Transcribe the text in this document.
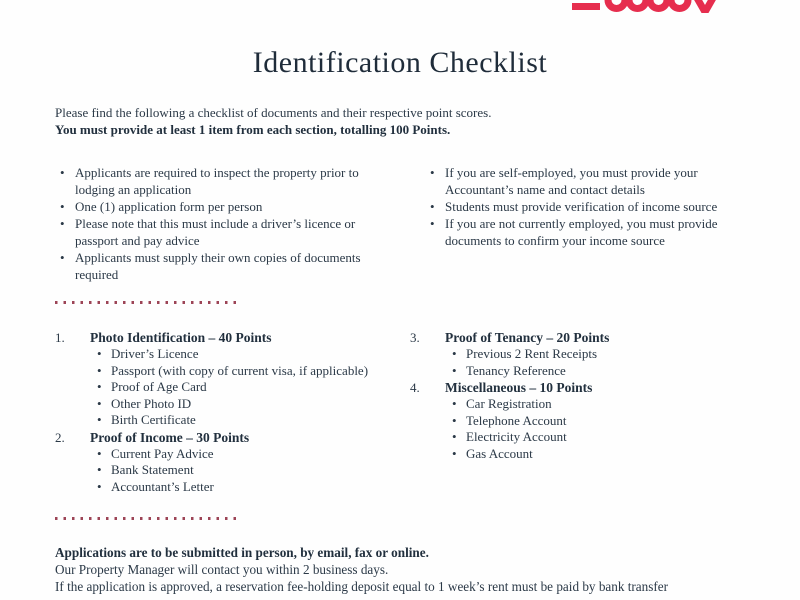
Identification Checklist

Please find the following a checklist of documents and their respective point scores.

You must provide at least 1 item from each section, totalling 100 Points.

• Applicants are required to inspect the property prior to lodging an application
• One (1) application form per person
• Please note that this must include a driver’s licence or passport and pay advice
• Applicants must supply their own copies of documents required
• If you are self-employed, you must provide your Accountant’s name and contact details
• Students must provide verification of income source
• If you are not currently employed, you must provide documents to confirm your income source
1.	Photo Identification – 40 Points
• Driver’s Licence
• Passport (with copy of current visa, if applicable)
• Proof of Age Card
• Other Photo ID
• Birth Certificate
2.	Proof of Income – 30 Points
• Current Pay Advice
• Bank Statement
• Accountant’s Letter
3.	Proof of Tenancy – 20 Points
• Previous 2 Rent Receipts
• Tenancy Reference
4.	Miscellaneous – 10 Points
• Car Registration
• Telephone Account
• Electricity Account
• Gas Account

Applications are to be submitted in person, by email, fax or online.

Our Property Manager will contact you within 2 business days.

If the application is approved, a reservation fee-holding deposit equal to 1 week’s rent must be paid by bank transfer
